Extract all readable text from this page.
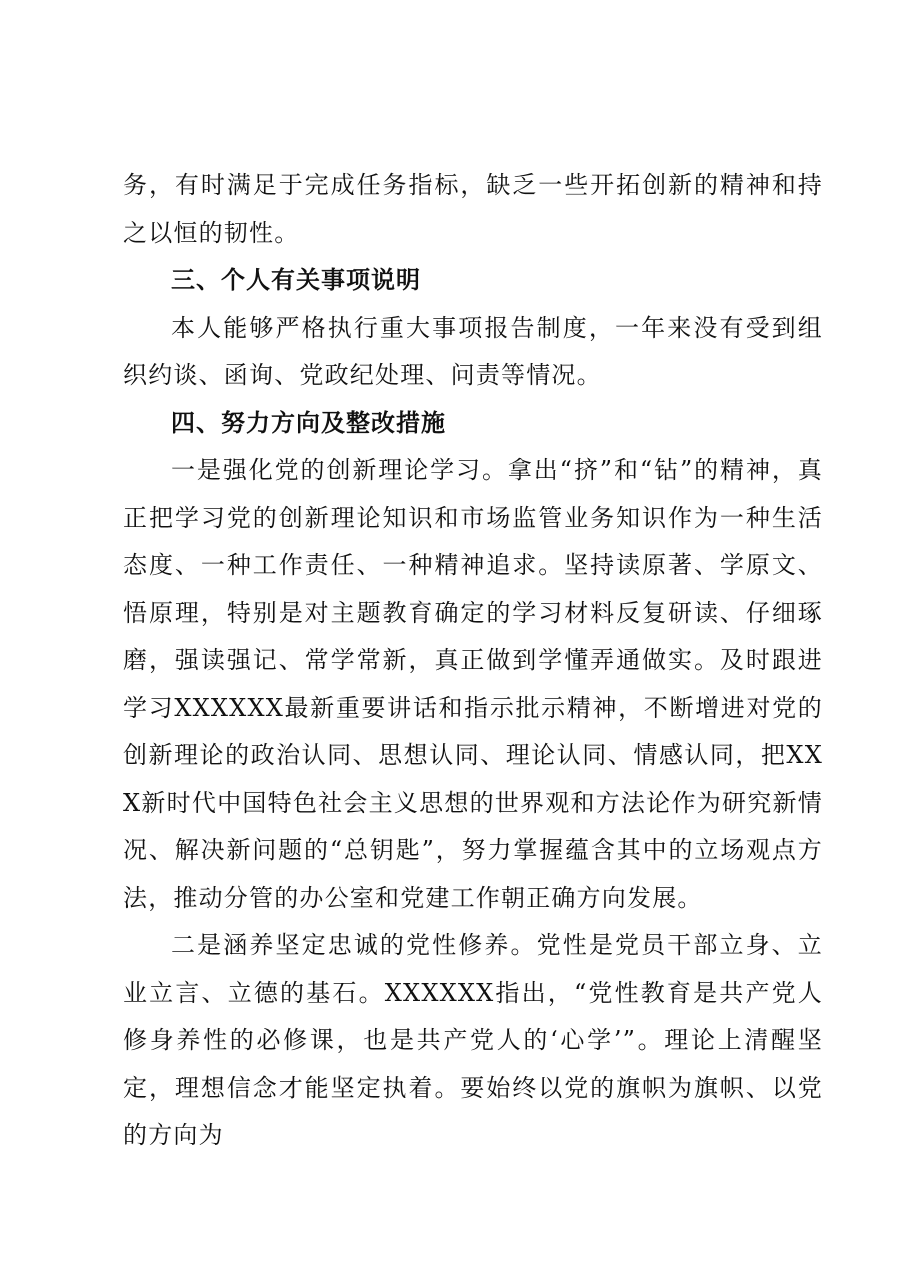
务，有时满足于完成任务指标，缺乏一些开拓创新的精神和持之以恒的韧性。

三、个人有关事项说明

本人能够严格执行重大事项报告制度，一年来没有受到组织约谈、函询、党政纪处理、问责等情况。

四、努力方向及整改措施

一是强化党的创新理论学习。拿出“挤”和“钻”的精神，真正把学习党的创新理论知识和市场监管业务知识作为一种生活态度、一种工作责任、一种精神追求。坚持读原著、学原文、悟原理，特别是对主题教育确定的学习材料反复研读、仔细琢磨，强读强记、常学常新，真正做到学懂弄通做实。及时跟进学习XXXXXX最新重要讲话和指示批示精神，不断增进对党的创新理论的政治认同、思想认同、理论认同、情感认同，把XXX新时代中国特色社会主义思想的世界观和方法论作为研究新情况、解决新问题的“总钥匙”，努力掌握蕴含其中的立场观点方法，推动分管的办公室和党建工作朝正确方向发展。

二是涵养坚定忠诚的党性修养。党性是党员干部立身、立业立言、立德的基石。XXXXXX指出，“党性教育是共产党人修身养性的必修课，也是共产党人的‘心学’”。理论上清醒坚定，理想信念才能坚定执着。要始终以党的旗帜为旗帜、以党的方向为
